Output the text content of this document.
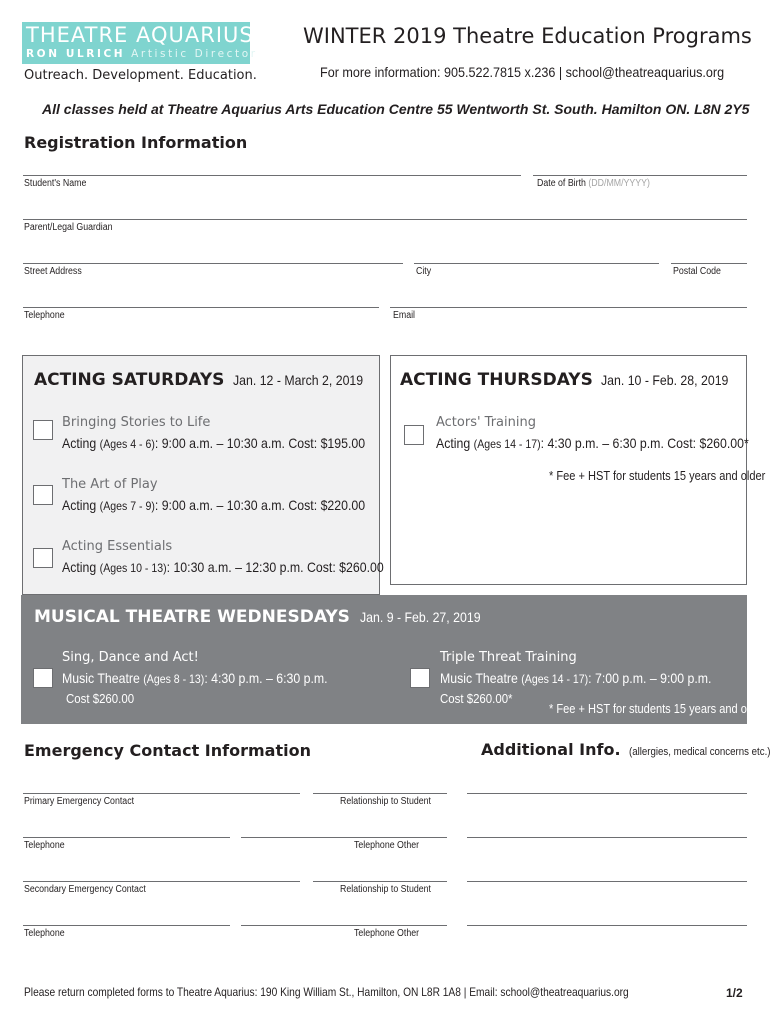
THEATRE AQUARIUS
RON ULRICH Artistic Director
Outreach. Development. Education.
WINTER 2019 Theatre Education Programs
For more information: 905.522.7815 x.236 | school@theatreaquarius.org
All classes held at Theatre Aquarius Arts Education Centre 55 Wentworth St. South. Hamilton ON. L8N 2Y5
Registration Information
Student's Name	Date of Birth (DD/MM/YYYY)
Parent/Legal Guardian
Street Address	City	Postal Code
Telephone	Email
ACTING SATURDAYS Jan. 12 - March 2, 2019
Bringing Stories to Life
Acting (Ages 4 - 6): 9:00 a.m. – 10:30 a.m. Cost: $195.00
The Art of Play
Acting (Ages 7 - 9): 9:00 a.m. – 10:30 a.m. Cost: $220.00
Acting Essentials
Acting (Ages 10 - 13): 10:30 a.m. – 12:30 p.m. Cost: $260.00
ACTING THURSDAYS Jan. 10 - Feb. 28, 2019
Actors' Training
Acting (Ages 14 - 17): 4:30 p.m. – 6:30 p.m. Cost: $260.00*
* Fee + HST for students 15 years and older
MUSICAL THEATRE WEDNESDAYS Jan. 9 - Feb. 27, 2019
Sing, Dance and Act!
Music Theatre (Ages 8 - 13): 4:30 p.m. – 6:30 p.m.
Cost $260.00
Triple Threat Training
Music Theatre (Ages 14 - 17): 7:00 p.m. – 9:00 p.m.
Cost $260.00*
* Fee + HST for students 15 years and older
Emergency Contact Information	Additional Info. (allergies, medical concerns etc.)
Primary Emergency Contact	Relationship to Student
Telephone	Telephone Other
Secondary Emergency Contact	Relationship to Student
Telephone	Telephone Other
Please return completed forms to Theatre Aquarius: 190 King William St., Hamilton, ON L8R 1A8 | Email: school@theatreaquarius.org	1/2
